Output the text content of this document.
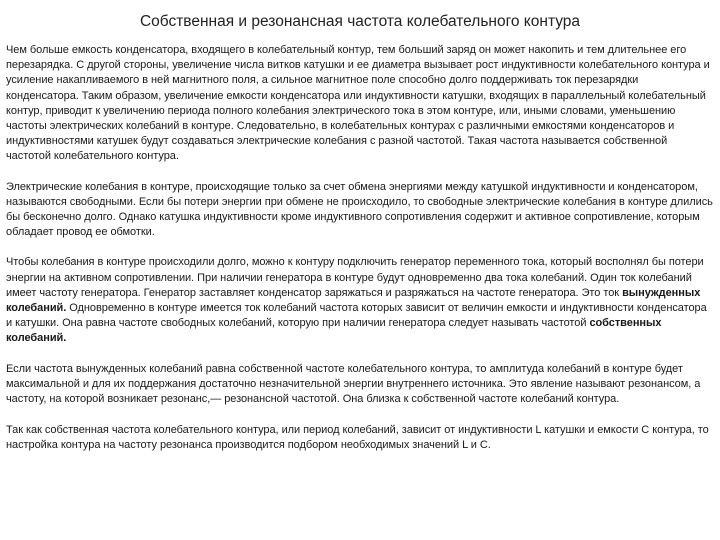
Собственная и резонансная частота колебательного контура

Чем больше емкость конденсатора, входящего в колебательный контур, тем больший заряд он может накопить и тем длительнее его перезарядка. С другой стороны, увеличение числа витков катушки и ее диаметра вызывает рост индуктивности колебательного контура и усиление накапливаемого в ней магнитного поля, а сильное магнитное поле способно долго поддерживать ток перезарядки конденсатора. Таким образом, увеличение емкости конденсатора или индуктивности катушки, входящих в параллельный колебательный контур, приводит к увеличению периода полного колебания электрического тока в этом контуре, или, иными словами, уменьшению частоты электрических колебаний в контуре. Следовательно, в колебательных контурах с различными емкостями конденсаторов и индуктивностями катушек будут создаваться электрические колебания с разной частотой. Такая частота называется собственной частотой колебательного контура.

Электрические колебания в контуре, происходящие только за счет обмена энергиями между катушкой индуктивности и конденсатором, называются свободными. Если бы потери энергии при обмене не происходило, то свободные электрические колебания в контуре длились бы бесконечно долго. Однако катушка индуктивности кроме индуктивного сопротивления содержит и активное сопротивление, которым обладает провод ее обмотки.

Чтобы колебания в контуре происходили долго, можно к контуру подключить генератор переменного тока, который восполнял бы потери энергии на активном сопротивлении. При наличии генератора в контуре будут одновременно два тока колебаний. Один ток колебаний имеет частоту генератора. Генератор заставляет конденсатор заряжаться и разряжаться на частоте генератора. Это ток вынужденных колебаний. Одновременно в контуре имеется ток колебаний частота которых зависит от величин емкости и индуктивности конденсатора и катушки. Она равна частоте свободных колебаний, которую при наличии генератора следует называть частотой собственных колебаний.

Если частота вынужденных колебаний равна собственной частоте колебательного контура, то амплитуда колебаний в контуре будет максимальной и для их поддержания достаточно незначительной энергии внутреннего источника. Это явление называют резонансом, а частоту, на которой возникает резонанс,— резонансной частотой. Она близка к собственной частоте колебаний контура.

Так как собственная частота колебательного контура, или период колебаний, зависит от индуктивности L катушки и емкости C контура, то настройка контура на частоту резонанса производится подбором необходимых значений L и C.
